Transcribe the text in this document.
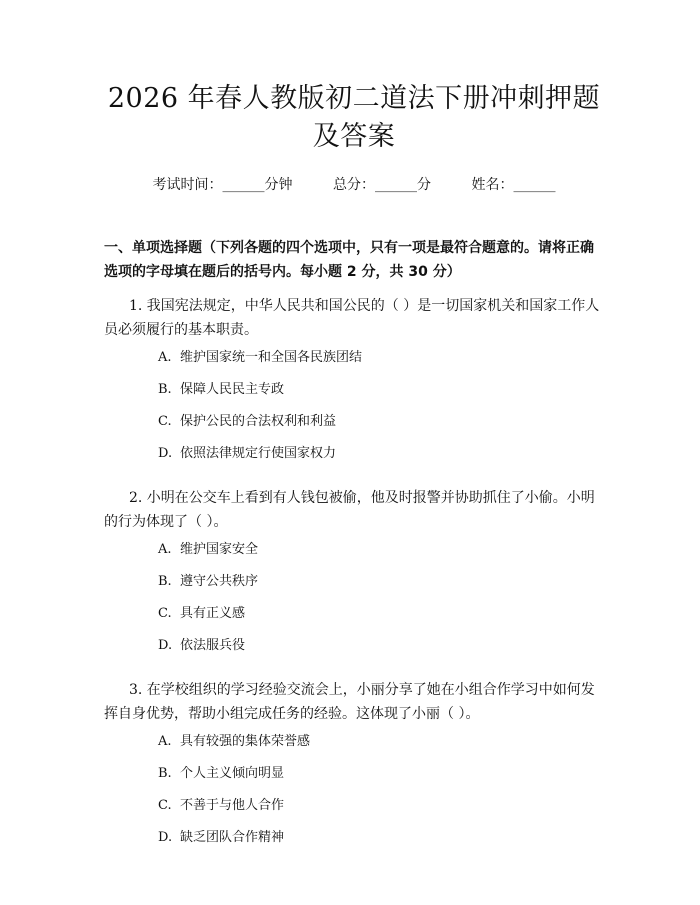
2026 年春人教版初二道法下册冲刺押题及答案
考试时间：______分钟	总分：______分	姓名：______
一、单项选择题（下列各题的四个选项中，只有一项是最符合题意的。请将正确选项的字母填在题后的括号内。每小题 2 分，共 30 分）

1. 我国宪法规定，中华人民共和国公民的（ ）是一切国家机关和国家工作人员必须履行的基本职责。

A. 维护国家统一和全国各民族团结
B. 保障人民民主专政
C. 保护公民的合法权利和利益
D. 依照法律规定行使国家权力

2. 小明在公交车上看到有人钱包被偷，他及时报警并协助抓住了小偷。小明的行为体现了（ ）。

A. 维护国家安全
B. 遵守公共秩序
C. 具有正义感
D. 依法服兵役

3. 在学校组织的学习经验交流会上，小丽分享了她在小组合作学习中如何发挥自身优势，帮助小组完成任务的经验。这体现了小丽（ ）。

A. 具有较强的集体荣誉感
B. 个人主义倾向明显
C. 不善于与他人合作
D. 缺乏团队合作精神
